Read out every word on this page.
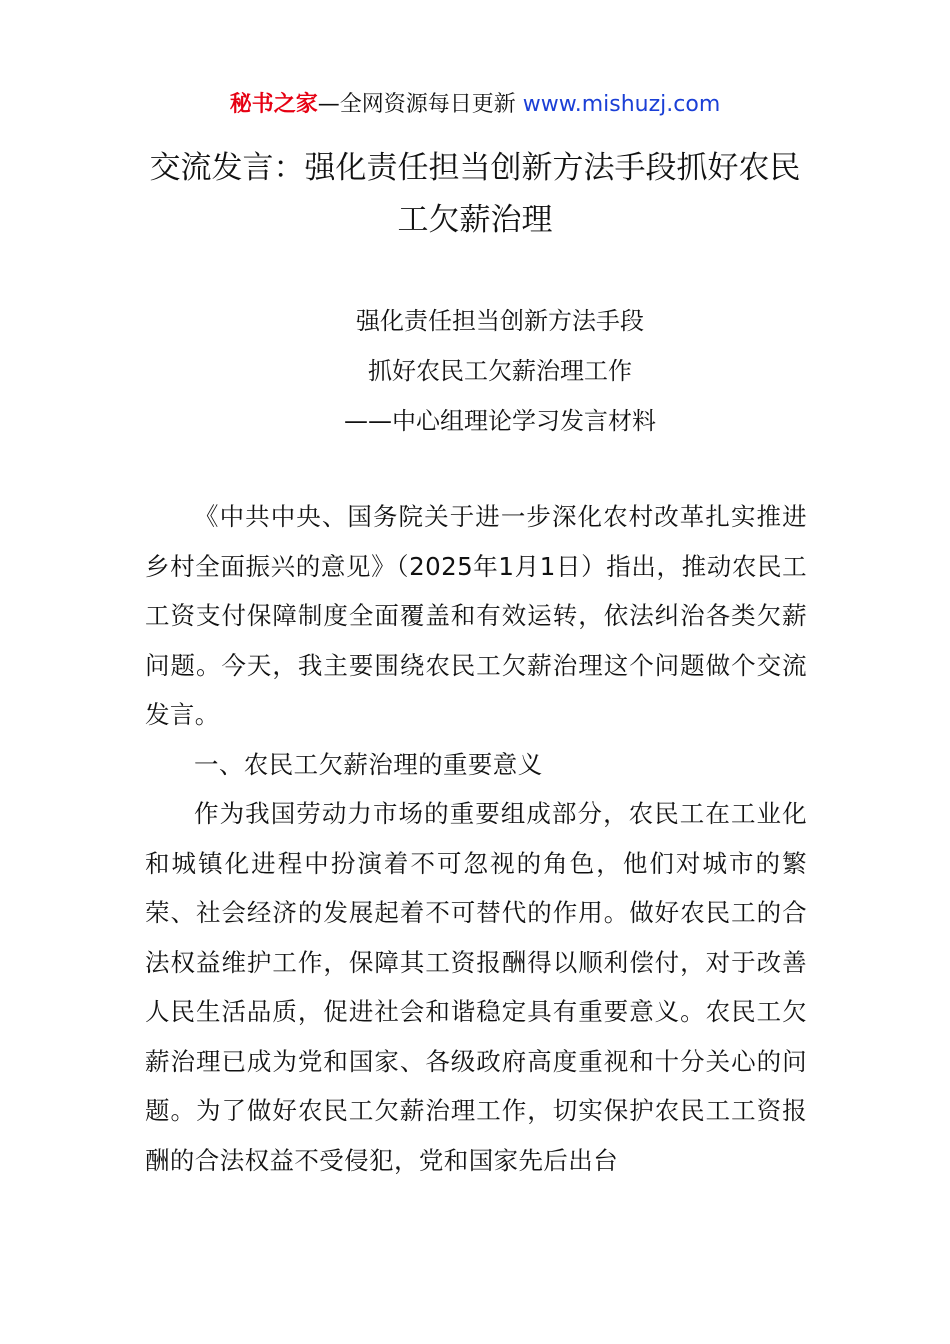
秘书之家—全网资源每日更新 www.mishuzj.com
交流发言：强化责任担当创新方法手段抓好农民工欠薪治理

强化责任担当创新方法手段

抓好农民工欠薪治理工作

——中心组理论学习发言材料

《中共中央、国务院关于进一步深化农村改革扎实推进乡村全面振兴的意见》（2025年1月1日）指出，推动农民工工资支付保障制度全面覆盖和有效运转，依法纠治各类欠薪问题。今天，我主要围绕农民工欠薪治理这个问题做个交流发言。

一、农民工欠薪治理的重要意义

作为我国劳动力市场的重要组成部分，农民工在工业化和城镇化进程中扮演着不可忽视的角色，他们对城市的繁荣、社会经济的发展起着不可替代的作用。做好农民工的合法权益维护工作，保障其工资报酬得以顺利偿付，对于改善人民生活品质，促进社会和谐稳定具有重要意义。农民工欠薪治理已成为党和国家、各级政府高度重视和十分关心的问题。为了做好农民工欠薪治理工作，切实保护农民工工资报酬的合法权益不受侵犯，党和国家先后出台
